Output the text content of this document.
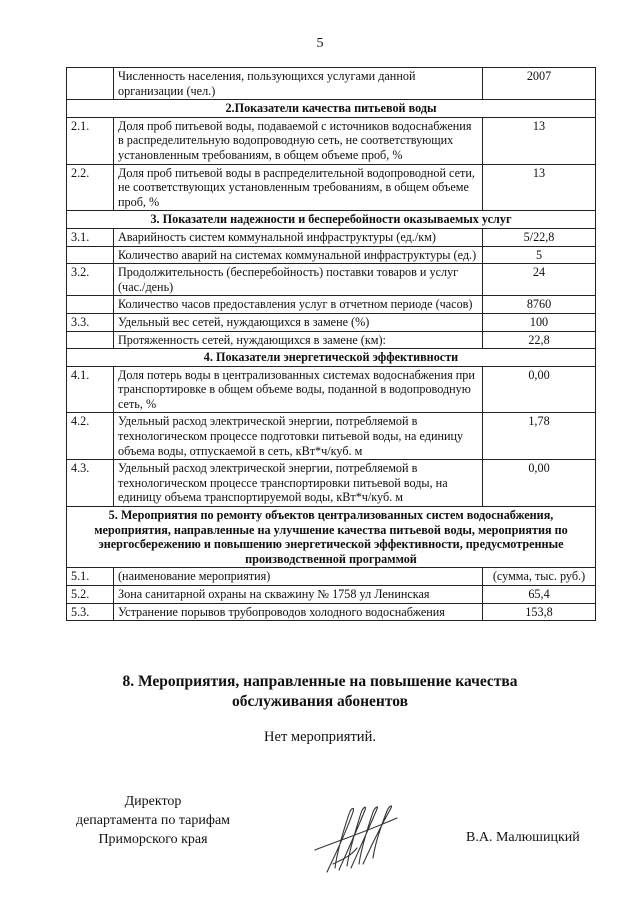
5
	Численность населения, пользующихся услугами данной организации (чел.)	2007
2.Показатели качества питьевой воды		
2.1.	Доля проб питьевой воды, подаваемой с источников водоснабжения в распределительную водопроводную сеть, не соответствующих установленным требованиям, в общем объеме проб, %	13
2.2.	Доля проб питьевой воды в распределительной водопроводной сети, не соответствующих установленным требованиям, в общем объеме проб, %	13
3. Показатели надежности и бесперебойности оказываемых услуг		
3.1.	Аварийность систем коммунальной инфраструктуры (ед./км)	5/22,8
	Количество аварий на системах коммунальной инфраструктуры (ед.)	5
3.2.	Продолжительность (бесперебойность) поставки товаров и услуг (час./день)	24
	Количество часов предоставления услуг в отчетном периоде (часов)	8760
3.3.	Удельный вес сетей, нуждающихся в замене (%)	100
	Протяженность сетей, нуждающихся в замене (км):	22,8
4. Показатели энергетической эффективности		
4.1.	Доля потерь воды в централизованных системах водоснабжения при транспортировке в общем объеме воды, поданной в водопроводную сеть, %	0,00
4.2.	Удельный расход электрической энергии, потребляемой в технологическом процессе подготовки питьевой воды, на единицу объема воды, отпускаемой в сеть, кВт*ч/куб. м	1,78
4.3.	Удельный расход электрической энергии, потребляемой в технологическом процессе транспортировки питьевой воды, на единицу объема транспортируемой воды, кВт*ч/куб. м	0,00
5. Мероприятия по ремонту объектов централизованных систем водоснабжения, мероприятия, направленные на улучшение качества питьевой воды, мероприятия по энергосбережению и повышению энергетической эффективности, предусмотренные производственной программой		
5.1.	(наименование мероприятия)	(сумма, тыс. руб.)
5.2.	Зона санитарной охраны на скважину № 1758 ул Ленинская	65,4
5.3.	Устранение порывов трубопроводов холодного водоснабжения	153,8
8. Мероприятия, направленные на повышение качества
обслуживания абонентов
Нет мероприятий.
Директор
департамента по тарифам
Приморского края	В.А. Малюшицкий
